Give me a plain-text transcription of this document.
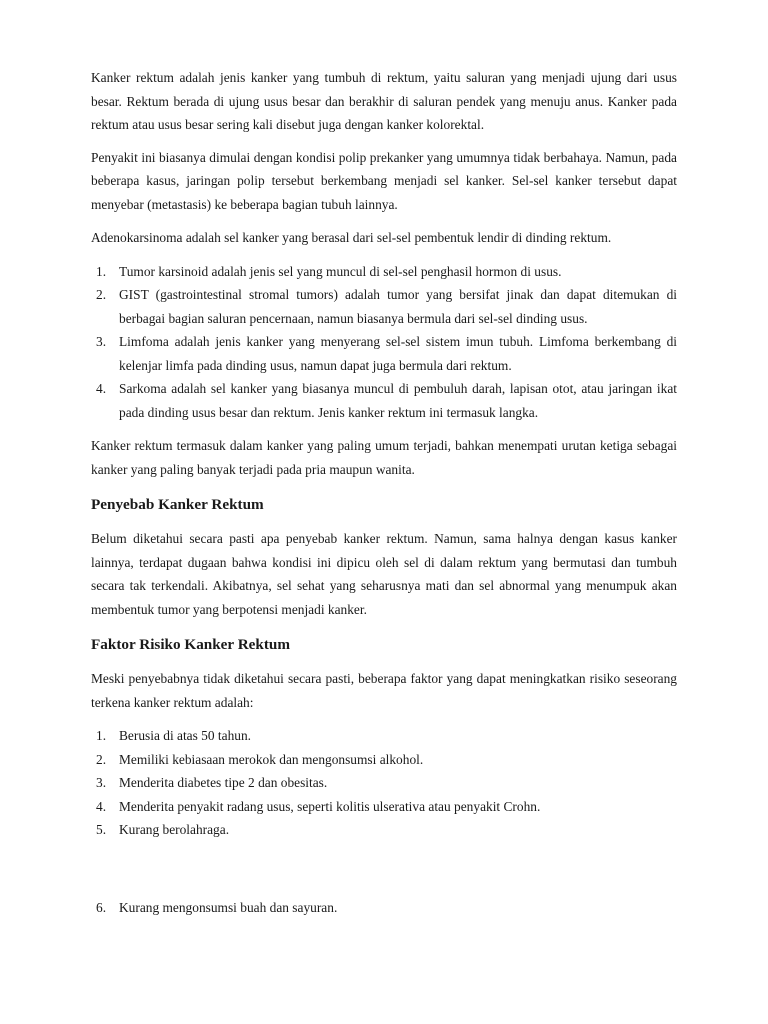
Kanker rektum adalah jenis kanker yang tumbuh di rektum, yaitu saluran yang menjadi ujung dari usus besar. Rektum berada di ujung usus besar dan berakhir di saluran pendek yang menuju anus. Kanker pada rektum atau usus besar sering kali disebut juga dengan kanker kolorektal.

Penyakit ini biasanya dimulai dengan kondisi polip prekanker yang umumnya tidak berbahaya. Namun, pada beberapa kasus, jaringan polip tersebut berkembang menjadi sel kanker. Sel-sel kanker tersebut dapat menyebar (metastasis) ke beberapa bagian tubuh lainnya.

Adenokarsinoma adalah sel kanker yang berasal dari sel-sel pembentuk lendir di dinding rektum.

1. Tumor karsinoid adalah jenis sel yang muncul di sel-sel penghasil hormon di usus.
2. GIST (gastrointestinal stromal tumors) adalah tumor yang bersifat jinak dan dapat ditemukan di berbagai bagian saluran pencernaan, namun biasanya bermula dari sel-sel dinding usus.
3. Limfoma adalah jenis kanker yang menyerang sel-sel sistem imun tubuh. Limfoma berkembang di kelenjar limfa pada dinding usus, namun dapat juga bermula dari rektum.
4. Sarkoma adalah sel kanker yang biasanya muncul di pembuluh darah, lapisan otot, atau jaringan ikat pada dinding usus besar dan rektum. Jenis kanker rektum ini termasuk langka.

Kanker rektum termasuk dalam kanker yang paling umum terjadi, bahkan menempati urutan ketiga sebagai kanker yang paling banyak terjadi pada pria maupun wanita.

Penyebab Kanker Rektum

Belum diketahui secara pasti apa penyebab kanker rektum. Namun, sama halnya dengan kasus kanker lainnya, terdapat dugaan bahwa kondisi ini dipicu oleh sel di dalam rektum yang bermutasi dan tumbuh secara tak terkendali. Akibatnya, sel sehat yang seharusnya mati dan sel abnormal yang menumpuk akan membentuk tumor yang berpotensi menjadi kanker.

Faktor Risiko Kanker Rektum

Meski penyebabnya tidak diketahui secara pasti, beberapa faktor yang dapat meningkatkan risiko seseorang terkena kanker rektum adalah:

1. Berusia di atas 50 tahun.
2. Memiliki kebiasaan merokok dan mengonsumsi alkohol.
3. Menderita diabetes tipe 2 dan obesitas.
4. Menderita penyakit radang usus, seperti kolitis ulserativa atau penyakit Crohn.
5. Kurang berolahraga.
6. Kurang mengonsumsi buah dan sayuran.
